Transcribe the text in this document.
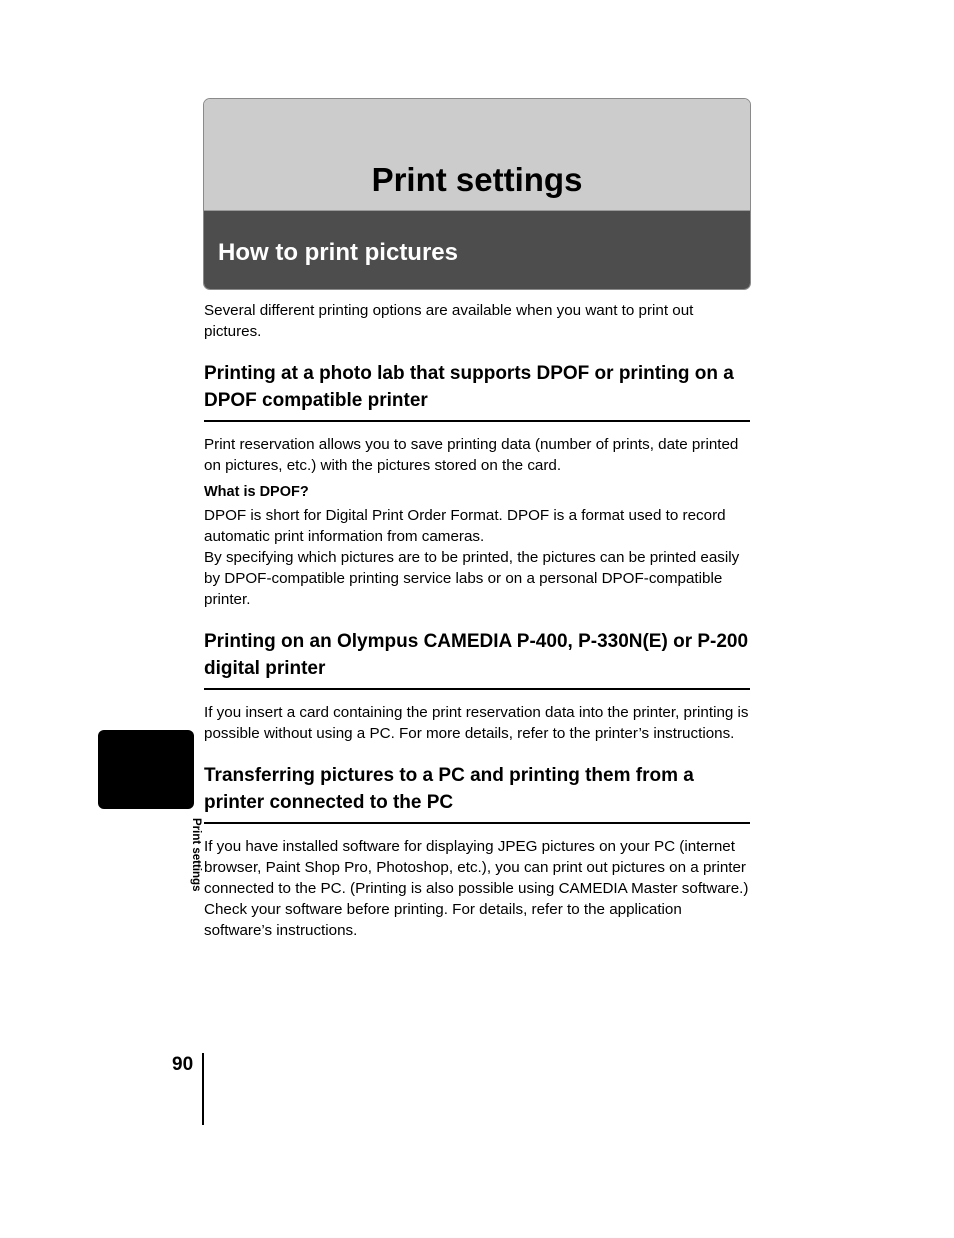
Print settings
How to print pictures

Several different printing options are available when you want to print out pictures.

Printing at a photo lab that supports DPOF or printing on a DPOF compatible printer

Print reservation allows you to save printing data (number of prints, date printed on pictures, etc.) with the pictures stored on the card.

What is DPOF?

DPOF is short for Digital Print Order Format. DPOF is a format used to record automatic print information from cameras.

By specifying which pictures are to be printed, the pictures can be printed easily by DPOF-compatible printing service labs or on a personal DPOF-compatible printer.

Printing on an Olympus CAMEDIA P-400, P-330N(E) or P-200 digital printer

If you insert a card containing the print reservation data into the printer, printing is possible without using a PC. For more details, refer to the printer’s instructions.

Transferring pictures to a PC and printing them from a printer connected to the PC

If you have installed software for displaying JPEG pictures on your PC (internet browser, Paint Shop Pro, Photoshop, etc.), you can print out pictures on a printer connected to the PC. (Printing is also possible using CAMEDIA Master software.) Check your software before printing. For details, refer to the application software’s instructions.

Print settings
90
